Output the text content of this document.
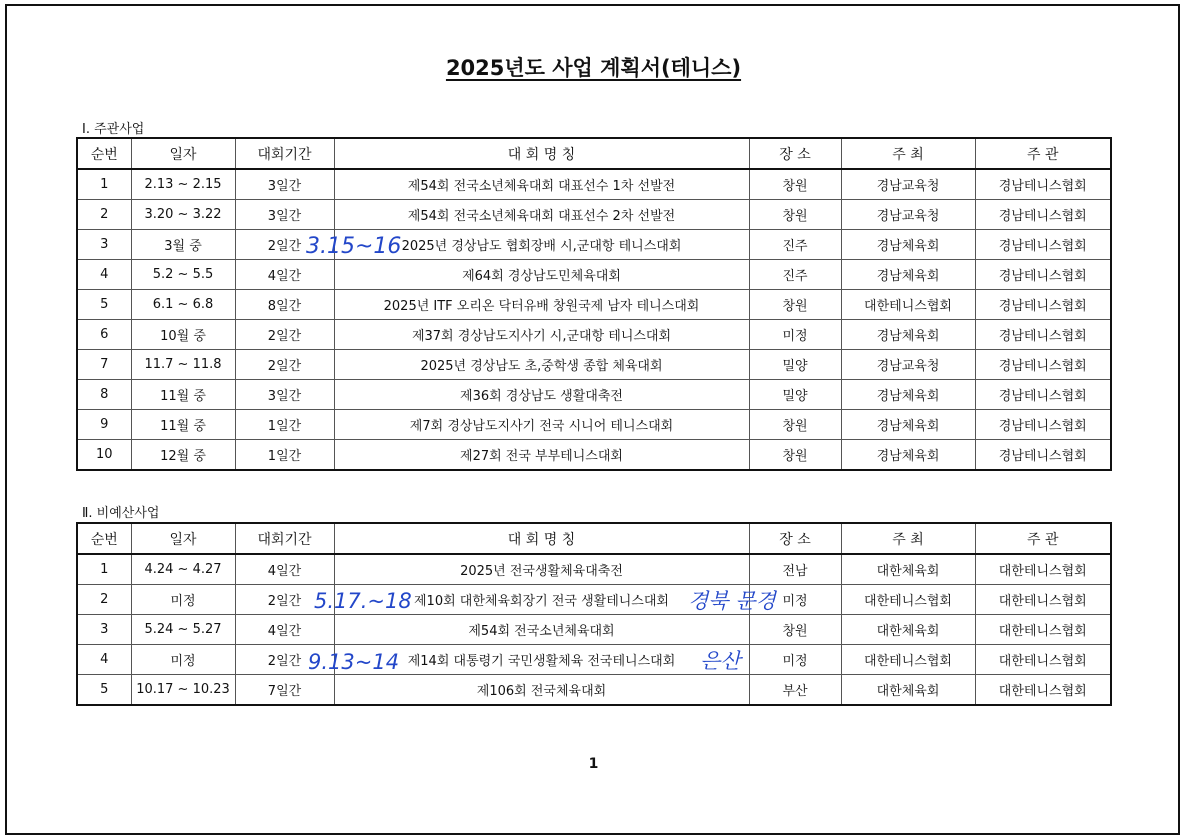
2025년도 사업 계획서(테니스)
Ⅰ. 주관사업
순번	일자	대회기간	대 회 명 칭	장 소	주 최	주 관
1	2.13 ~ 2.15	3일간	제54회 전국소년체육대회 대표선수 1차 선발전	창원	경남교육청	경남테니스협회
2	3.20 ~ 3.22	3일간	제54회 전국소년체육대회 대표선수 2차 선발전	창원	경남교육청	경남테니스협회
3	3월 중	2일간	2025년 경상남도 협회장배 시,군대항 테니스대회	진주	경남체육회	경남테니스협회
4	5.2 ~ 5.5	4일간	제64회 경상남도민체육대회	진주	경남체육회	경남테니스협회
5	6.1 ~ 6.8	8일간	2025년 ITF 오리온 닥터유배 창원국제 남자 테니스대회	창원	대한테니스협회	경남테니스협회
6	10월 중	2일간	제37회 경상남도지사기 시,군대항 테니스대회	미정	경남체육회	경남테니스협회
7	11.7 ~ 11.8	2일간	2025년 경상남도 초,중학생 종합 체육대회	밀양	경남교육청	경남테니스협회
8	11월 중	3일간	제36회 경상남도 생활대축전	밀양	경남체육회	경남테니스협회
9	11월 중	1일간	제7회 경상남도지사기 전국 시니어 테니스대회	창원	경남체육회	경남테니스협회
10	12월 중	1일간	제27회 전국 부부테니스대회	창원	경남체육회	경남테니스협회
Ⅱ. 비예산사업
순번	일자	대회기간	대 회 명 칭	장 소	주 최	주 관
1	4.24 ~ 4.27	4일간	2025년 전국생활체육대축전	전남	대한체육회	대한테니스협회
2	미정	2일간	제10회 대한체육회장기 전국 생활테니스대회	미정	대한테니스협회	대한테니스협회
3	5.24 ~ 5.27	4일간	제54회 전국소년체육대회	창원	대한체육회	대한테니스협회
4	미정	2일간	제14회 대통령기 국민생활체육 전국테니스대회	미정	대한테니스협회	대한테니스협회
5	10.17 ~ 10.23	7일간	제106회 전국체육대회	부산	대한체육회	대한테니스협회
3.15~16
5.17.~18	경북 문경
9.13~14	은산
1
